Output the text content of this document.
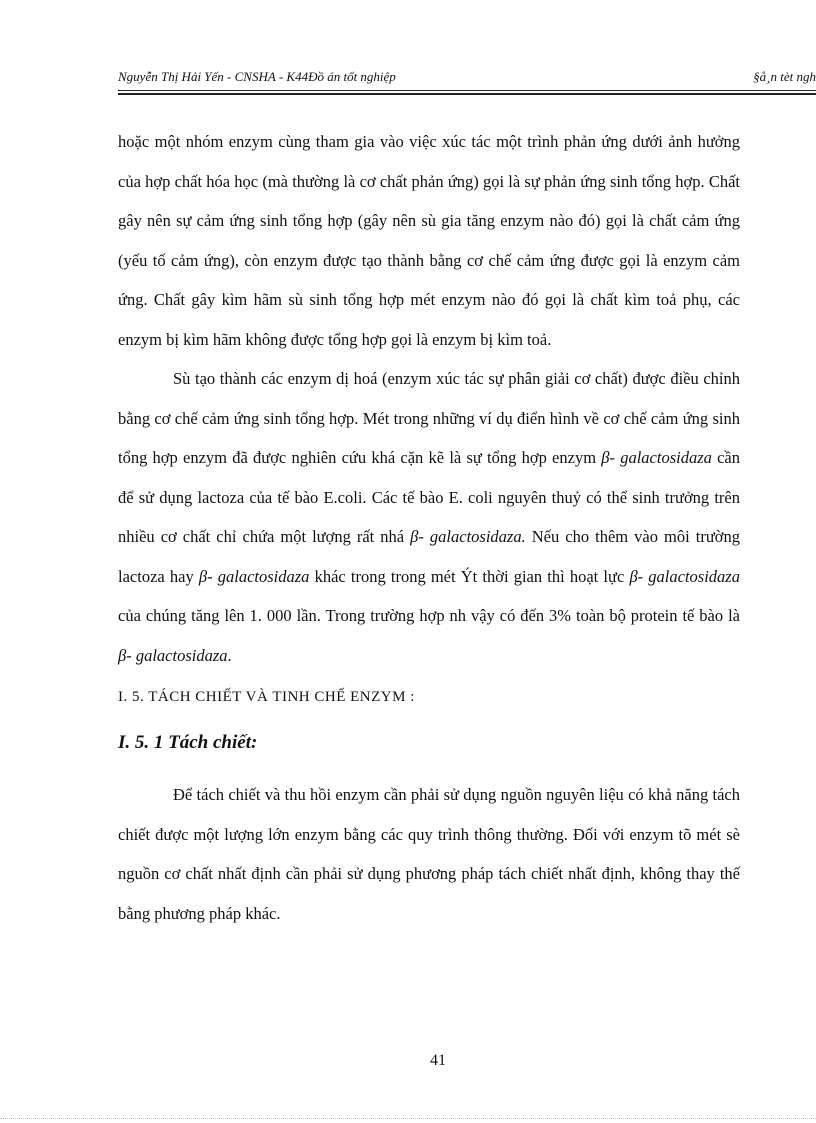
Nguyễn Thị Hải Yến - CNSHA - K44Đồ án tốt nghiệp	§å¸n tèt ngh

hoặc một nhóm enzym cùng tham gia vào việc xúc tác một trình phản ứng dưới ảnh hưởng của hợp chất hóa học (mà thường là cơ chất phản ứng) gọi là sự phản ứng sinh tổng hợp. Chất gây nên sự cảm ứng sinh tổng hợp (gây nên sù gia tăng enzym nào đó) gọi là chất cảm ứng (yếu tố cảm ứng), còn enzym được tạo thành bằng cơ chế cảm ứng được gọi là enzym cảm ứng. Chất gây kìm hãm sù sinh tổng hợp mét enzym nào đó gọi là chất kìm toả phụ, các enzym bị kìm hãm không được tổng hợp gọi là enzym bị kìm toả.

Sù tạo thành các enzym dị hoá (enzym xúc tác sự phân giải cơ chất) được điều chỉnh bằng cơ chế cảm ứng sinh tổng hợp. Mét trong những ví dụ điển hình về cơ chế cảm ứng sinh tổng hợp enzym đã được nghiên cứu khá cặn kẽ là sự tổng hợp enzym β- galactosidaza cần để sử dụng lactoza của tế bào E.coli. Các tế bào E. coli nguyên thuỷ có thể sinh trưởng trên nhiều cơ chất chỉ chứa một lượng rất nhá β- galactosidaza. Nếu cho thêm vào môi trường lactoza hay β- galactosidaza khác trong trong mét Ýt thời gian thì hoạt lực β- galactosidaza của chúng tăng lên 1. 000 lần. Trong trường hợp nh vậy có đến 3% toàn bộ protein tế bào là β- galactosidaza.

I. 5. TÁCH CHIẾT VÀ TINH CHẾ ENZYM :
I. 5. 1 Tách chiết:

Để tách chiết và thu hồi enzym cần phải sử dụng nguồn nguyên liệu có khả năng tách chiết được một lượng lớn enzym bằng các quy trình thông thường. Đối với enzym tõ mét sè nguồn cơ chất nhất định cần phải sử dụng phương pháp tách chiết nhất định, không thay thế bằng phương pháp khác.

41
